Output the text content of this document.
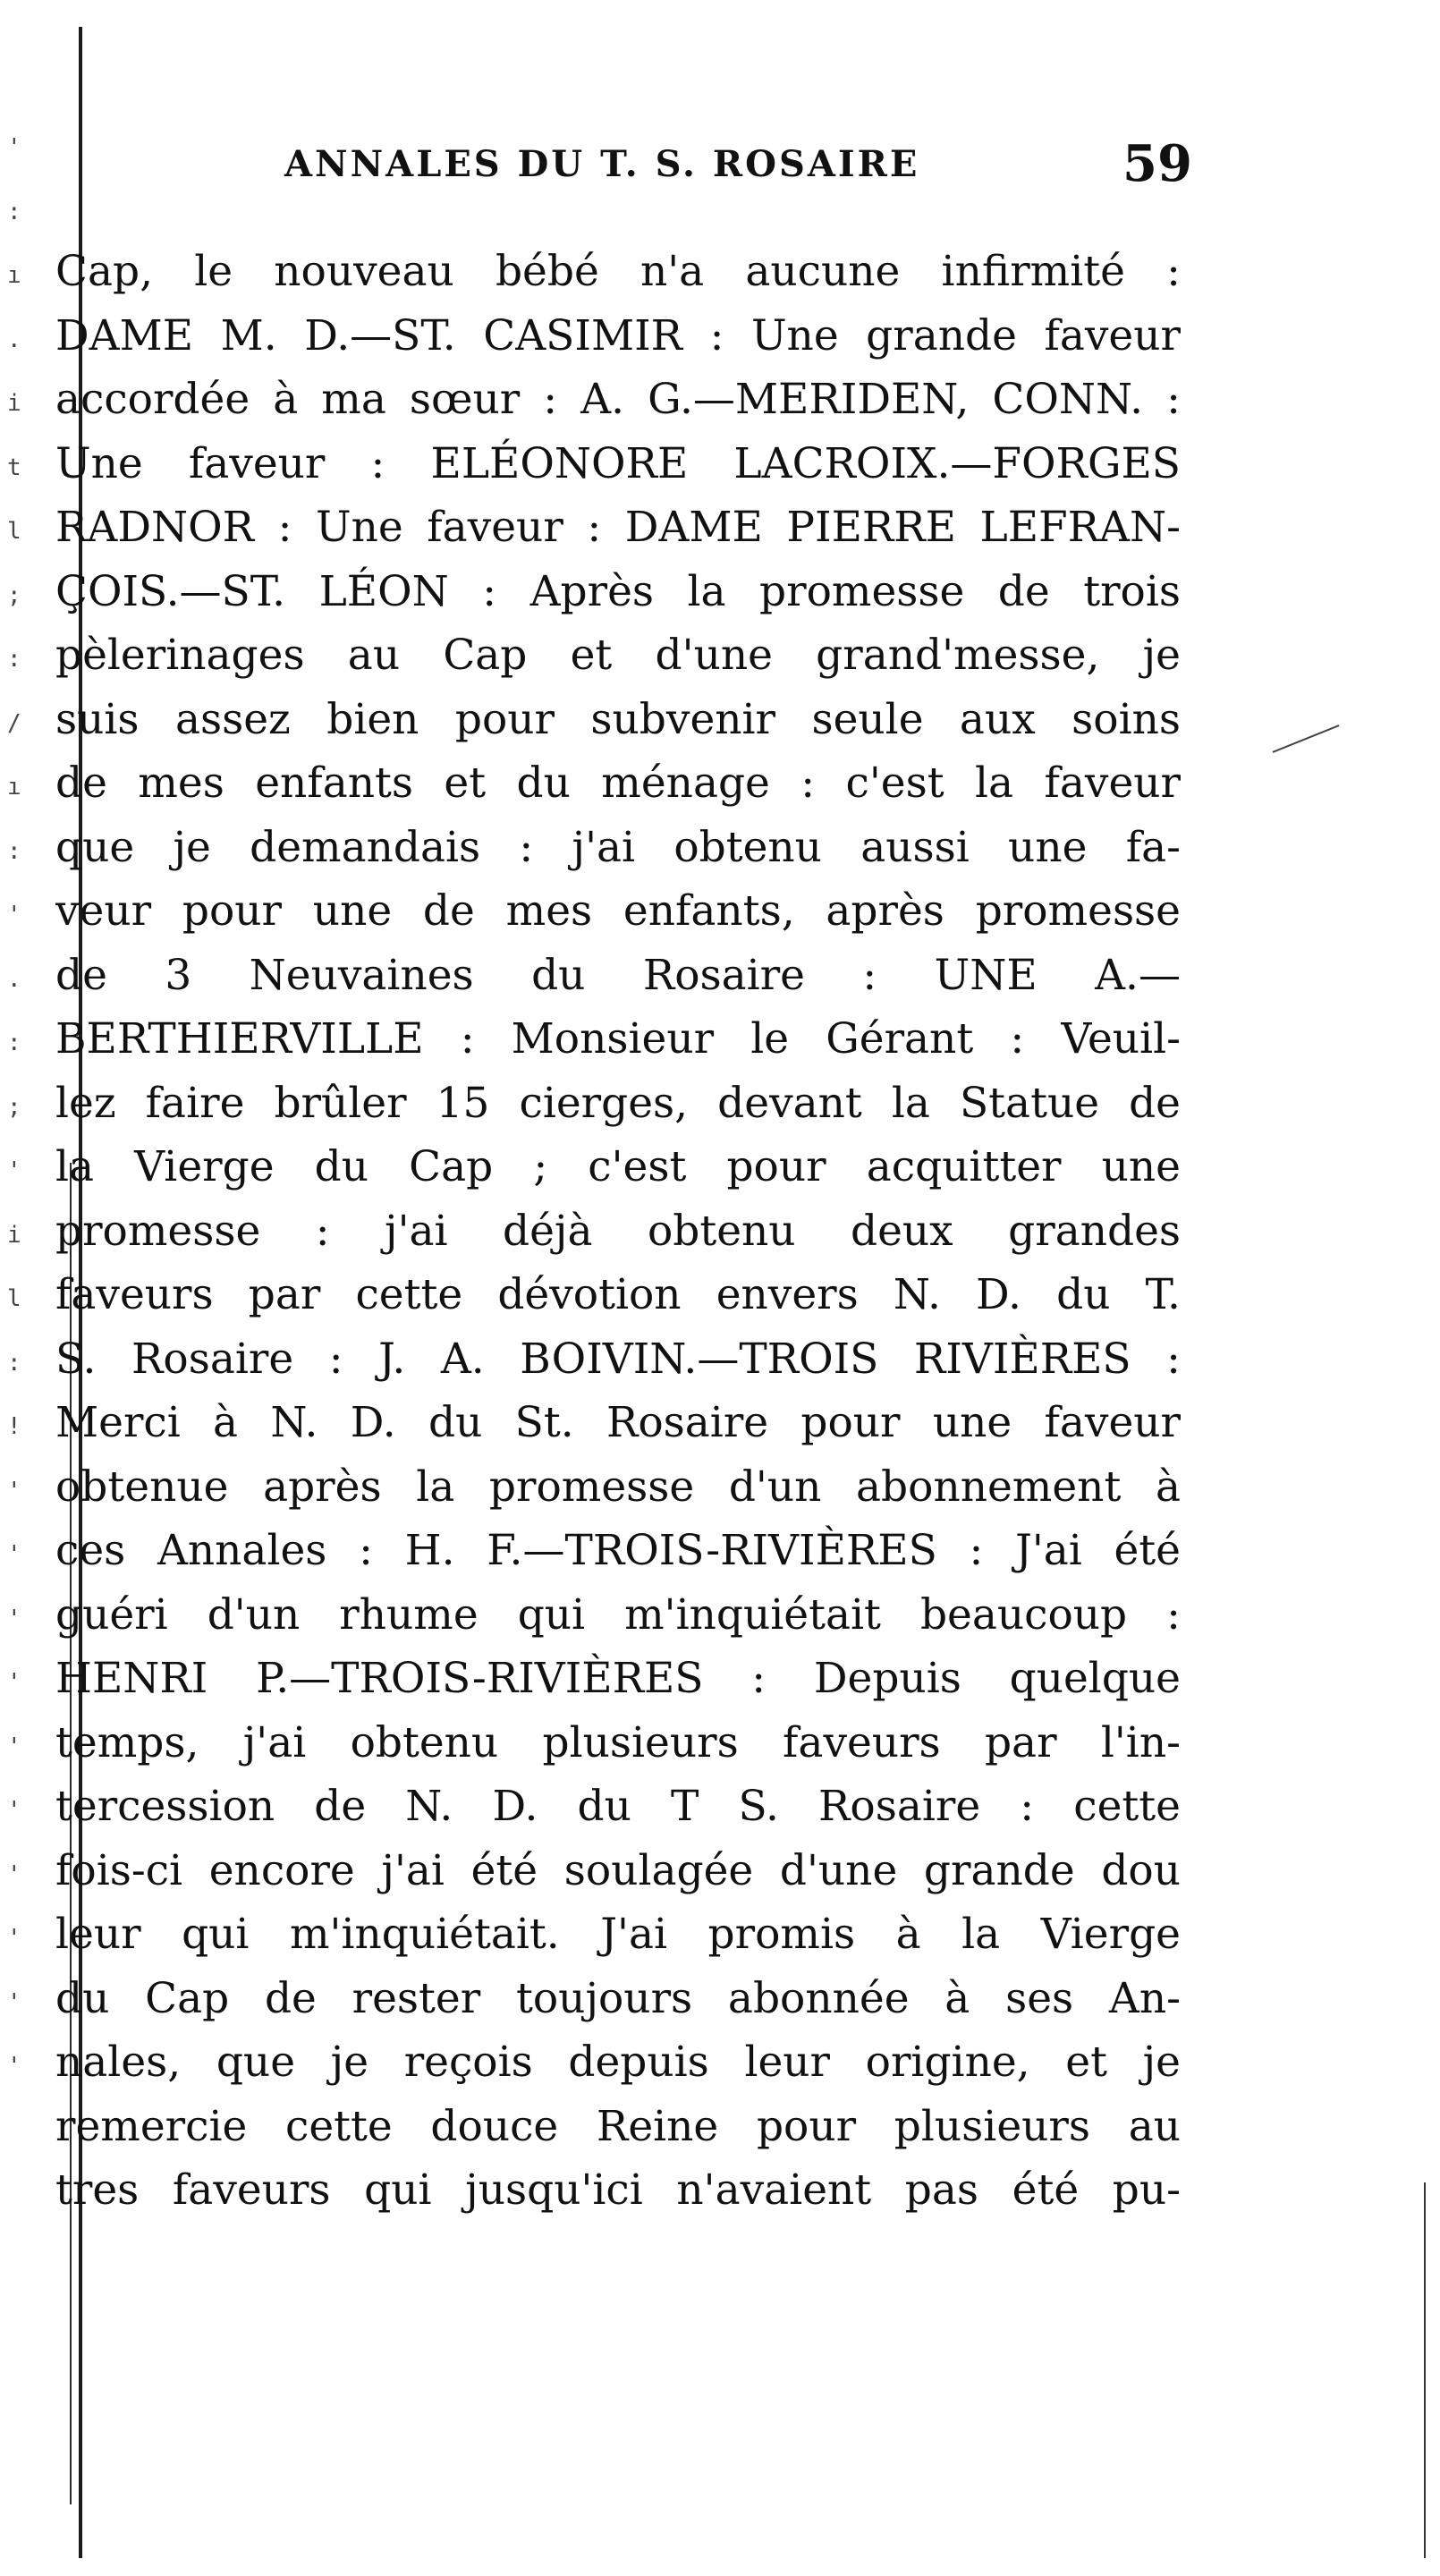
'
:
ı
.
i
t
l
;
:
/
ı
:
'
.
:
;
'
i
l
:
!
'
'
'
'
'
'
'
'
'
'
ANNALES DU T. S. ROSAIRE	59
Cap, le nouveau bébé n'a aucune infirmité :
DAME M. D.—ST. CASIMIR : Une grande faveur
accordée à ma sœur : A. G.—MERIDEN, CONN. :
Une faveur : ELÉONORE LACROIX.—FORGES
RADNOR : Une faveur : DAME PIERRE LEFRAN-
ÇOIS.—ST. LÉON : Après la promesse de trois
pèlerinages au Cap et d'une grand'messe, je
suis assez bien pour subvenir seule aux soins
de mes enfants et du ménage : c'est la faveur
que je demandais : j'ai obtenu aussi une fa-
veur pour une de mes enfants, après promesse
de 3 Neuvaines du Rosaire : UNE A.—
BERTHIERVILLE : Monsieur le Gérant : Veuil-
lez faire brûler 15 cierges, devant la Statue de
la Vierge du Cap ; c'est pour acquitter une
promesse : j'ai déjà obtenu deux grandes
faveurs par cette dévotion envers N. D. du T.
S. Rosaire : J. A. BOIVIN.—TROIS RIVIÈRES :
Merci à N. D. du St. Rosaire pour une faveur
obtenue après la promesse d'un abonnement à
ces Annales : H. F.—TROIS-RIVIÈRES : J'ai été
guéri d'un rhume qui m'inquiétait beaucoup :
HENRI P.—TROIS-RIVIÈRES : Depuis quelque
temps, j'ai obtenu plusieurs faveurs par l'in-
tercession de N. D. du T S. Rosaire : cette
fois-ci encore j'ai été soulagée d'une grande dou
leur qui m'inquiétait. J'ai promis à la Vierge
du Cap de rester toujours abonnée à ses An-
nales, que je reçois depuis leur origine, et je
remercie cette douce Reine pour plusieurs au
tres faveurs qui jusqu'ici n'avaient pas été pu-
